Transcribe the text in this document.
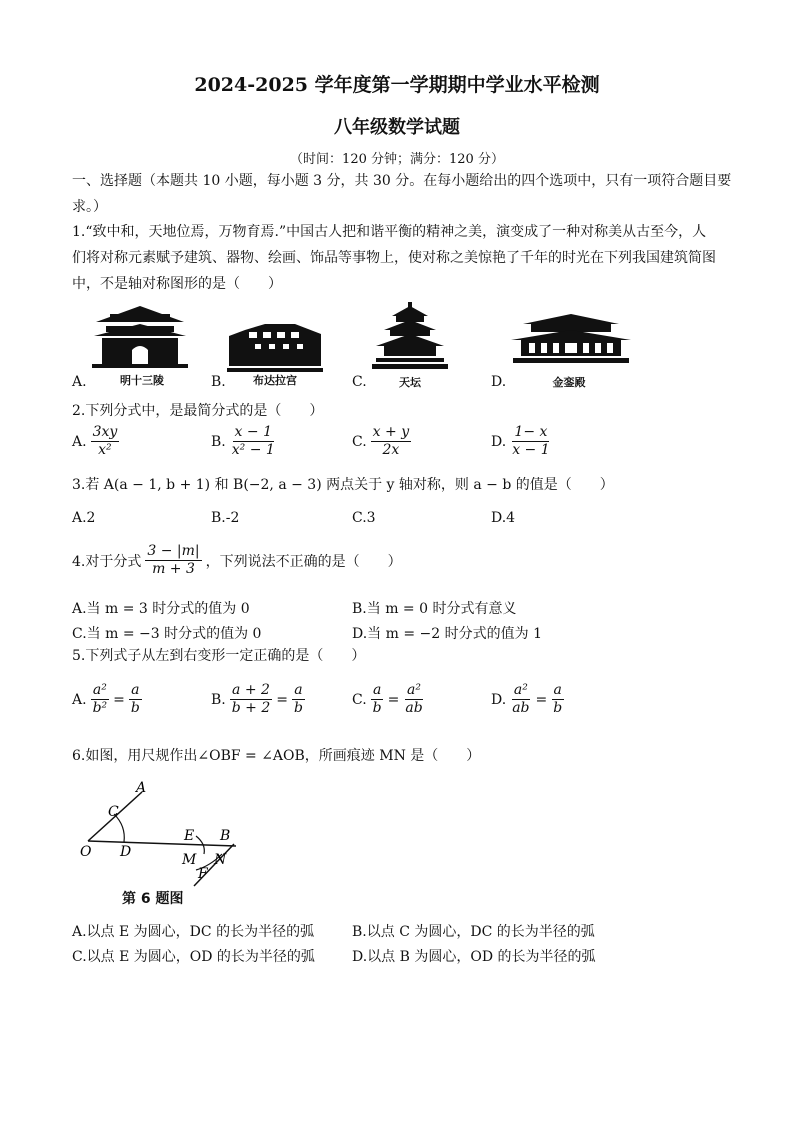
2024-2025 学年度第一学期期中学业水平检测
八年级数学试题
（时间：120 分钟；满分：120 分）
一、选择题（本题共 10 小题，每小题 3 分，共 30 分。在每小题给出的四个选项中，只有一项符合题目要
求。）
1.“致中和，天地位焉，万物育焉.”中国古人把和谐平衡的精神之美，演变成了一种对称美从古至今，人
们将对称元素赋予建筑、器物、绘画、饰品等事物上，使对称之美惊艳了千年的时光在下列我国建筑简图
中，不是轴对称图形的是（　　）
A.	明十三陵	B.	布达拉宫	C.	天坛	D.	金銮殿
2.下列分式中，是最简分式的是（　　）
A. $\frac{3xy}{\text{x²}}$	B. $\frac{x - 1}{\text{x² − 1}}$	C. $\frac{x + y}{2x}$	D. $\frac{1- x}{x - 1}$
3.若 A(a − 1, b + 1) 和 B(−2, a − 3) 两点关于 y 轴对称，则 a − b 的值是（　　）
A.2	B.-2	C.3	D.4
4.对于分式 $\frac{3 - |m|}{m + 3}$ ，下列说法不正确的是（　　）
A.当 m = 3 时分式的值为 0	B.当 m = 0 时分式有意义
C.当 m = −3 时分式的值为 0	D.当 m = −2 时分式的值为 1
5.下列式子从左到右变形一定正确的是（　　）
A. $\frac{\text{a²}}{\text{b²}} = \frac{a}{b}$	B. $\frac{a + 2}{b + 2} = \frac{a}{b}$	C. $\frac{a}{b} = \frac{\text{a²}}{ab}$	D. $\frac{\text{a²}}{ab} = \frac{a}{b}$
6.如图，用尺规作出∠OBF = ∠AOB，所画痕迹 MN 是（　　）
A
C
O D
E B
M N
F
第 6 题图
A.以点 E 为圆心，DC 的长为半径的弧	B.以点 C 为圆心，DC 的长为半径的弧
C.以点 E 为圆心，OD 的长为半径的弧	D.以点 B 为圆心，OD 的长为半径的弧
